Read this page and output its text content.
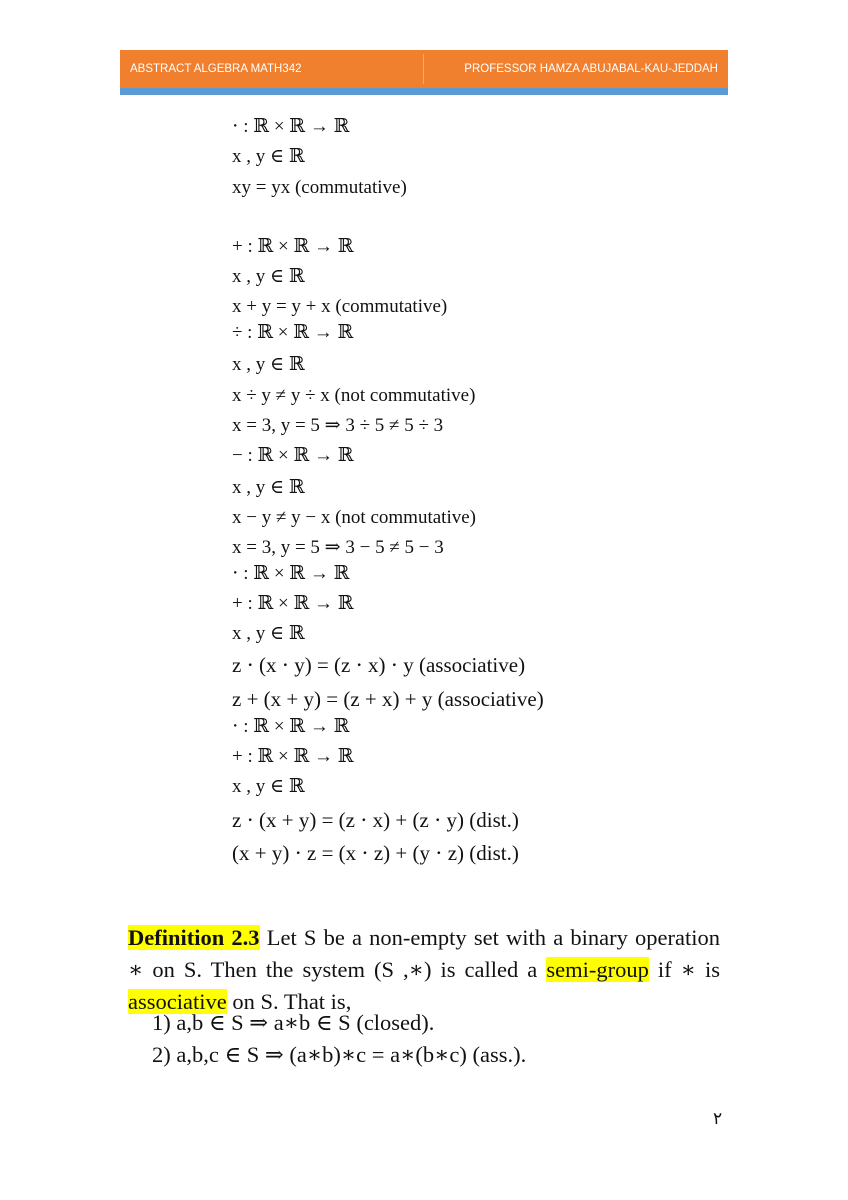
ABSTRACT ALGEBRA MATH342	PROFESSOR HAMZA ABUJABAL-KAU-JEDDAH
⋅ : ℝ × ℝ → ℝ
x , y ∈ ℝ
xy = yx (commutative)
+ : ℝ × ℝ → ℝ
x , y ∈ ℝ
x + y = y + x (commutative)
÷ : ℝ × ℝ → ℝ
x , y ∈ ℝ
x ÷ y ≠ y ÷ x (not commutative)
x = 3, y = 5 ⇒ 3 ÷ 5 ≠ 5 ÷ 3
− : ℝ × ℝ → ℝ
x , y ∈ ℝ
x − y ≠ y − x (not commutative)
x = 3, y = 5 ⇒ 3 − 5 ≠ 5 − 3
⋅ : ℝ × ℝ → ℝ
+ : ℝ × ℝ → ℝ
x , y ∈ ℝ
z ⋅ (x ⋅ y) = (z ⋅ x) ⋅ y (associative)
z + (x + y) = (z + x) + y (associative)
⋅ : ℝ × ℝ → ℝ
+ : ℝ × ℝ → ℝ
x , y ∈ ℝ
z ⋅ (x + y) = (z ⋅ x) + (z ⋅ y) (dist.)
(x + y) ⋅ z = (x ⋅ z) + (y ⋅ z) (dist.)
Definition 2.3 Let S be a non-empty set with a binary operation ∗ on S. Then the system (S ,∗) is called a semi-group if ∗ is associative on S. That is,
1) a,b ∈ S ⇒ a∗b ∈ S (closed).
2) a,b,c ∈ S ⇒ (a∗b)∗c = a∗(b∗c) (ass.).
٢
